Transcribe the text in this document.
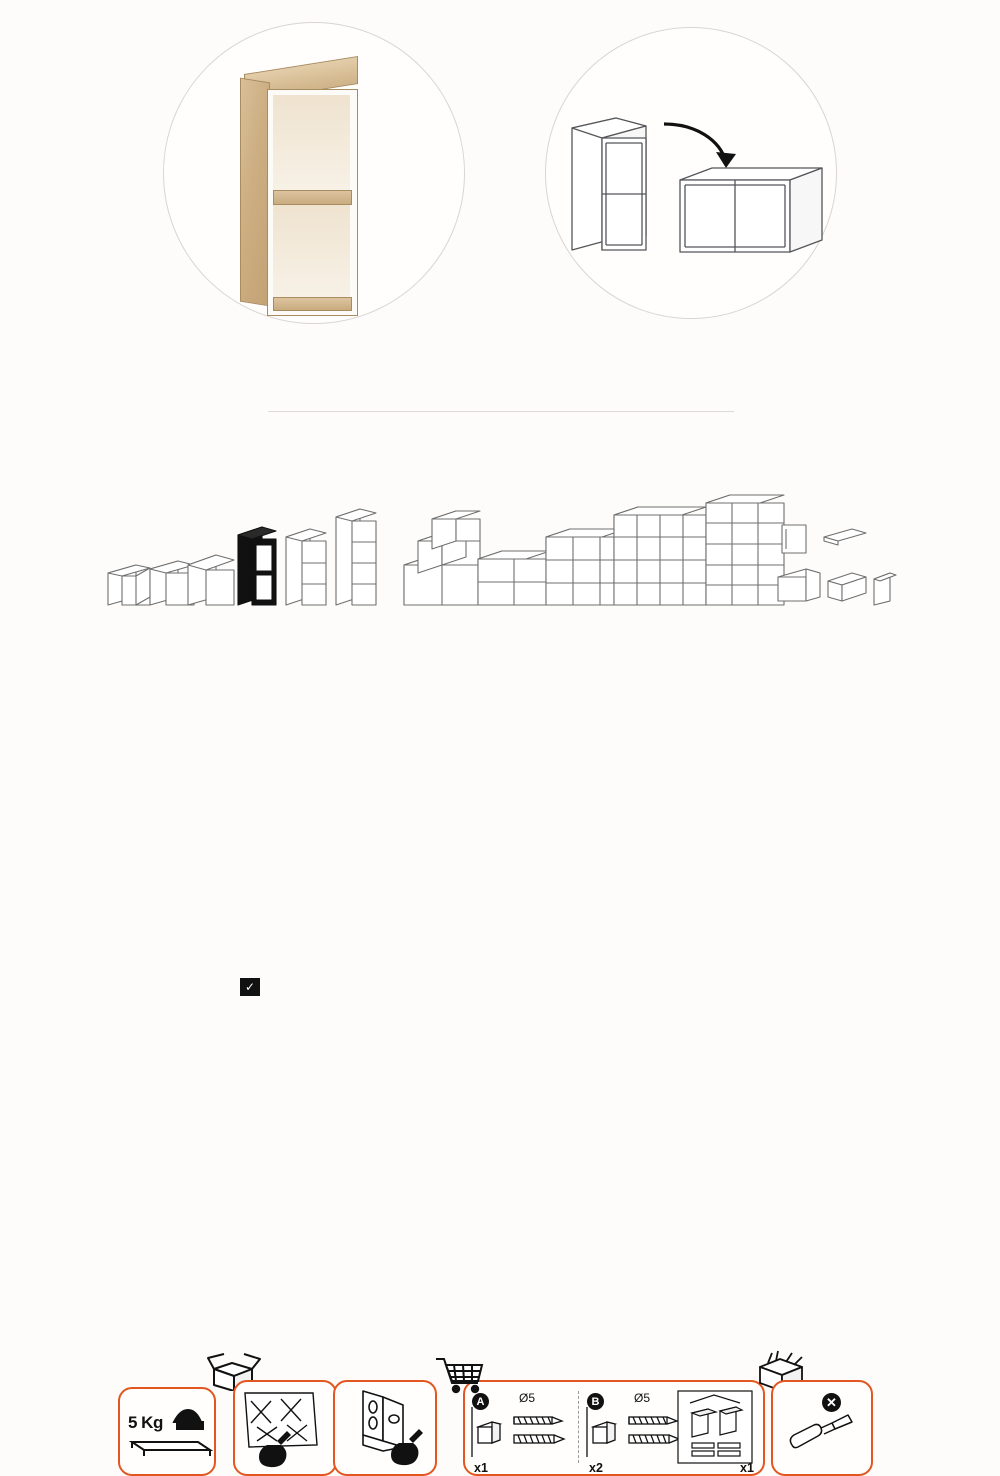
✓
5 Kg
A	Ø5
x1
B	Ø5
x2	x1
✕
